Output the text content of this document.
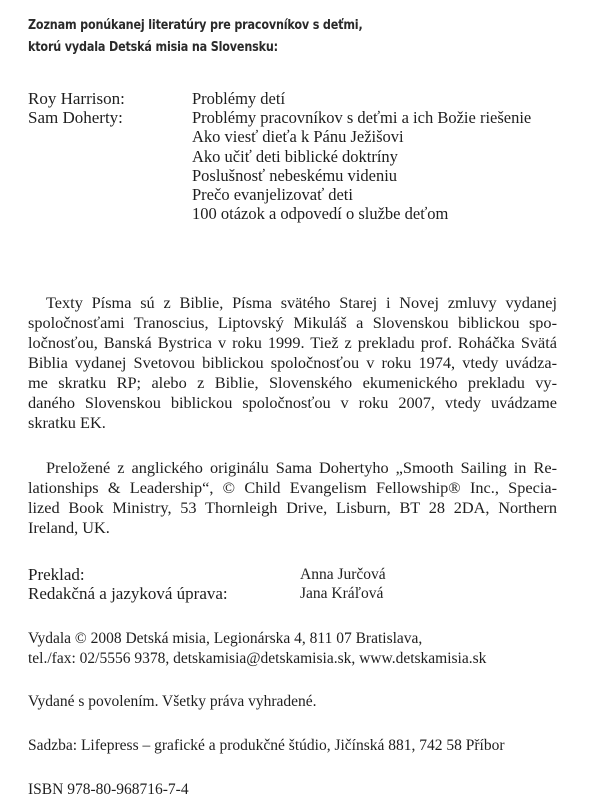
Zoznam ponúkanej literatúry pre pracovníkov s deťmi,
ktorú vydala Detská misia na Slovensku:
Roy Harrison:	Problémy detí
Sam Doherty:	Problémy pracovníkov s deťmi a ich Božie riešenie
Ako viesť dieťa k Pánu Ježišovi
Ako učiť deti biblické doktríny
Poslušnosť nebeskému videniu
Prečo evanjelizovať deti
100 otázok a odpovedí o službe deťom
Texty Písma sú z Biblie, Písma svätého Starej i Novej zmluvy vydanej
spoločnosťami Tranoscius, Liptovský Mikuláš a Slovenskou biblickou spo-
ločnosťou, Banská Bystrica v roku 1999. Tiež z prekladu prof. Roháčka Svätá
Biblia vydanej Svetovou biblickou spoločnosťou v roku 1974, vtedy uvádza-
me skratku RP; alebo z Biblie, Slovenského ekumenického prekladu vy-
daného Slovenskou biblickou spoločnosťou v roku 2007, vtedy uvádzame
skratku EK.
Preložené z anglického originálu Sama Dohertyho „Smooth Sailing in Re-
lationships & Leadership“, © Child Evangelism Fellowship® Inc., Specia-
lized Book Ministry, 53 Thornleigh Drive, Lisburn, BT 28 2DA, Northern
Ireland, UK.
Preklad:	Anna Jurčová
Redakčná a jazyková úprava:	Jana Kráľová
Vydala © 2008 Detská misia, Legionárska 4, 811 07 Bratislava,
tel./fax: 02/5556 9378, detskamisia@detskamisia.sk, www.detskamisia.sk
Vydané s povolením. Všetky práva vyhradené.
Sadzba: Lifepress – grafické a produkčné štúdio, Jičínská 881, 742 58 Příbor
ISBN 978-80-968716-7-4
